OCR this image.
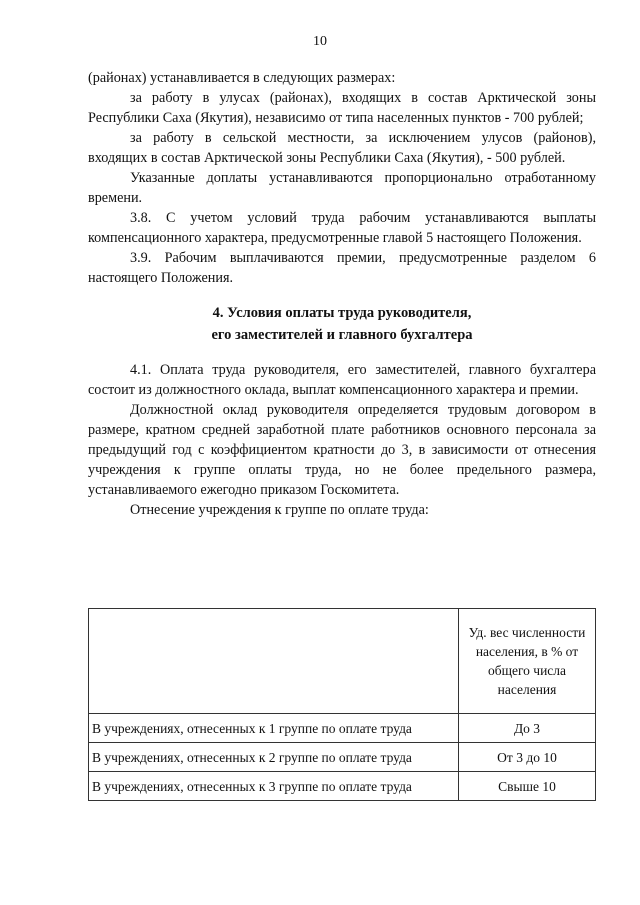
10

(районах) устанавливается в следующих размерах:

за работу в улусах (районах), входящих в состав Арктической зоны Республики Саха (Якутия), независимо от типа населенных пунктов - 700 рублей;

за работу в сельской местности, за исключением улусов (районов), входящих в состав Арктической зоны Республики Саха (Якутия), - 500 рублей.

Указанные доплаты устанавливаются пропорционально отработанному времени.

3.8. С учетом условий труда рабочим устанавливаются выплаты компенсационного характера, предусмотренные главой 5 настоящего Положения.

3.9. Рабочим выплачиваются премии, предусмотренные разделом 6 настоящего Положения.

4. Условия оплаты труда руководителя,
его заместителей и главного бухгалтера

4.1. Оплата труда руководителя, его заместителей, главного бухгалтера состоит из должностного оклада, выплат компенсационного характера и премии.

Должностной оклад руководителя определяется трудовым договором в размере, кратном средней заработной плате работников основного персонала за предыдущий год с коэффициентом кратности до 3, в зависимости от отнесения учреждения к группе оплаты труда, но не более предельного размера, устанавливаемого ежегодно приказом Госкомитета.

Отнесение учреждения к группе по оплате труда:

	Уд. вес численности населения, в % от общего числа населения
В учреждениях, отнесенных к 1 группе по оплате труда	До 3
В учреждениях, отнесенных к 2 группе по оплате труда	От 3 до 10
В учреждениях, отнесенных к 3 группе по оплате труда	Свыше 10
